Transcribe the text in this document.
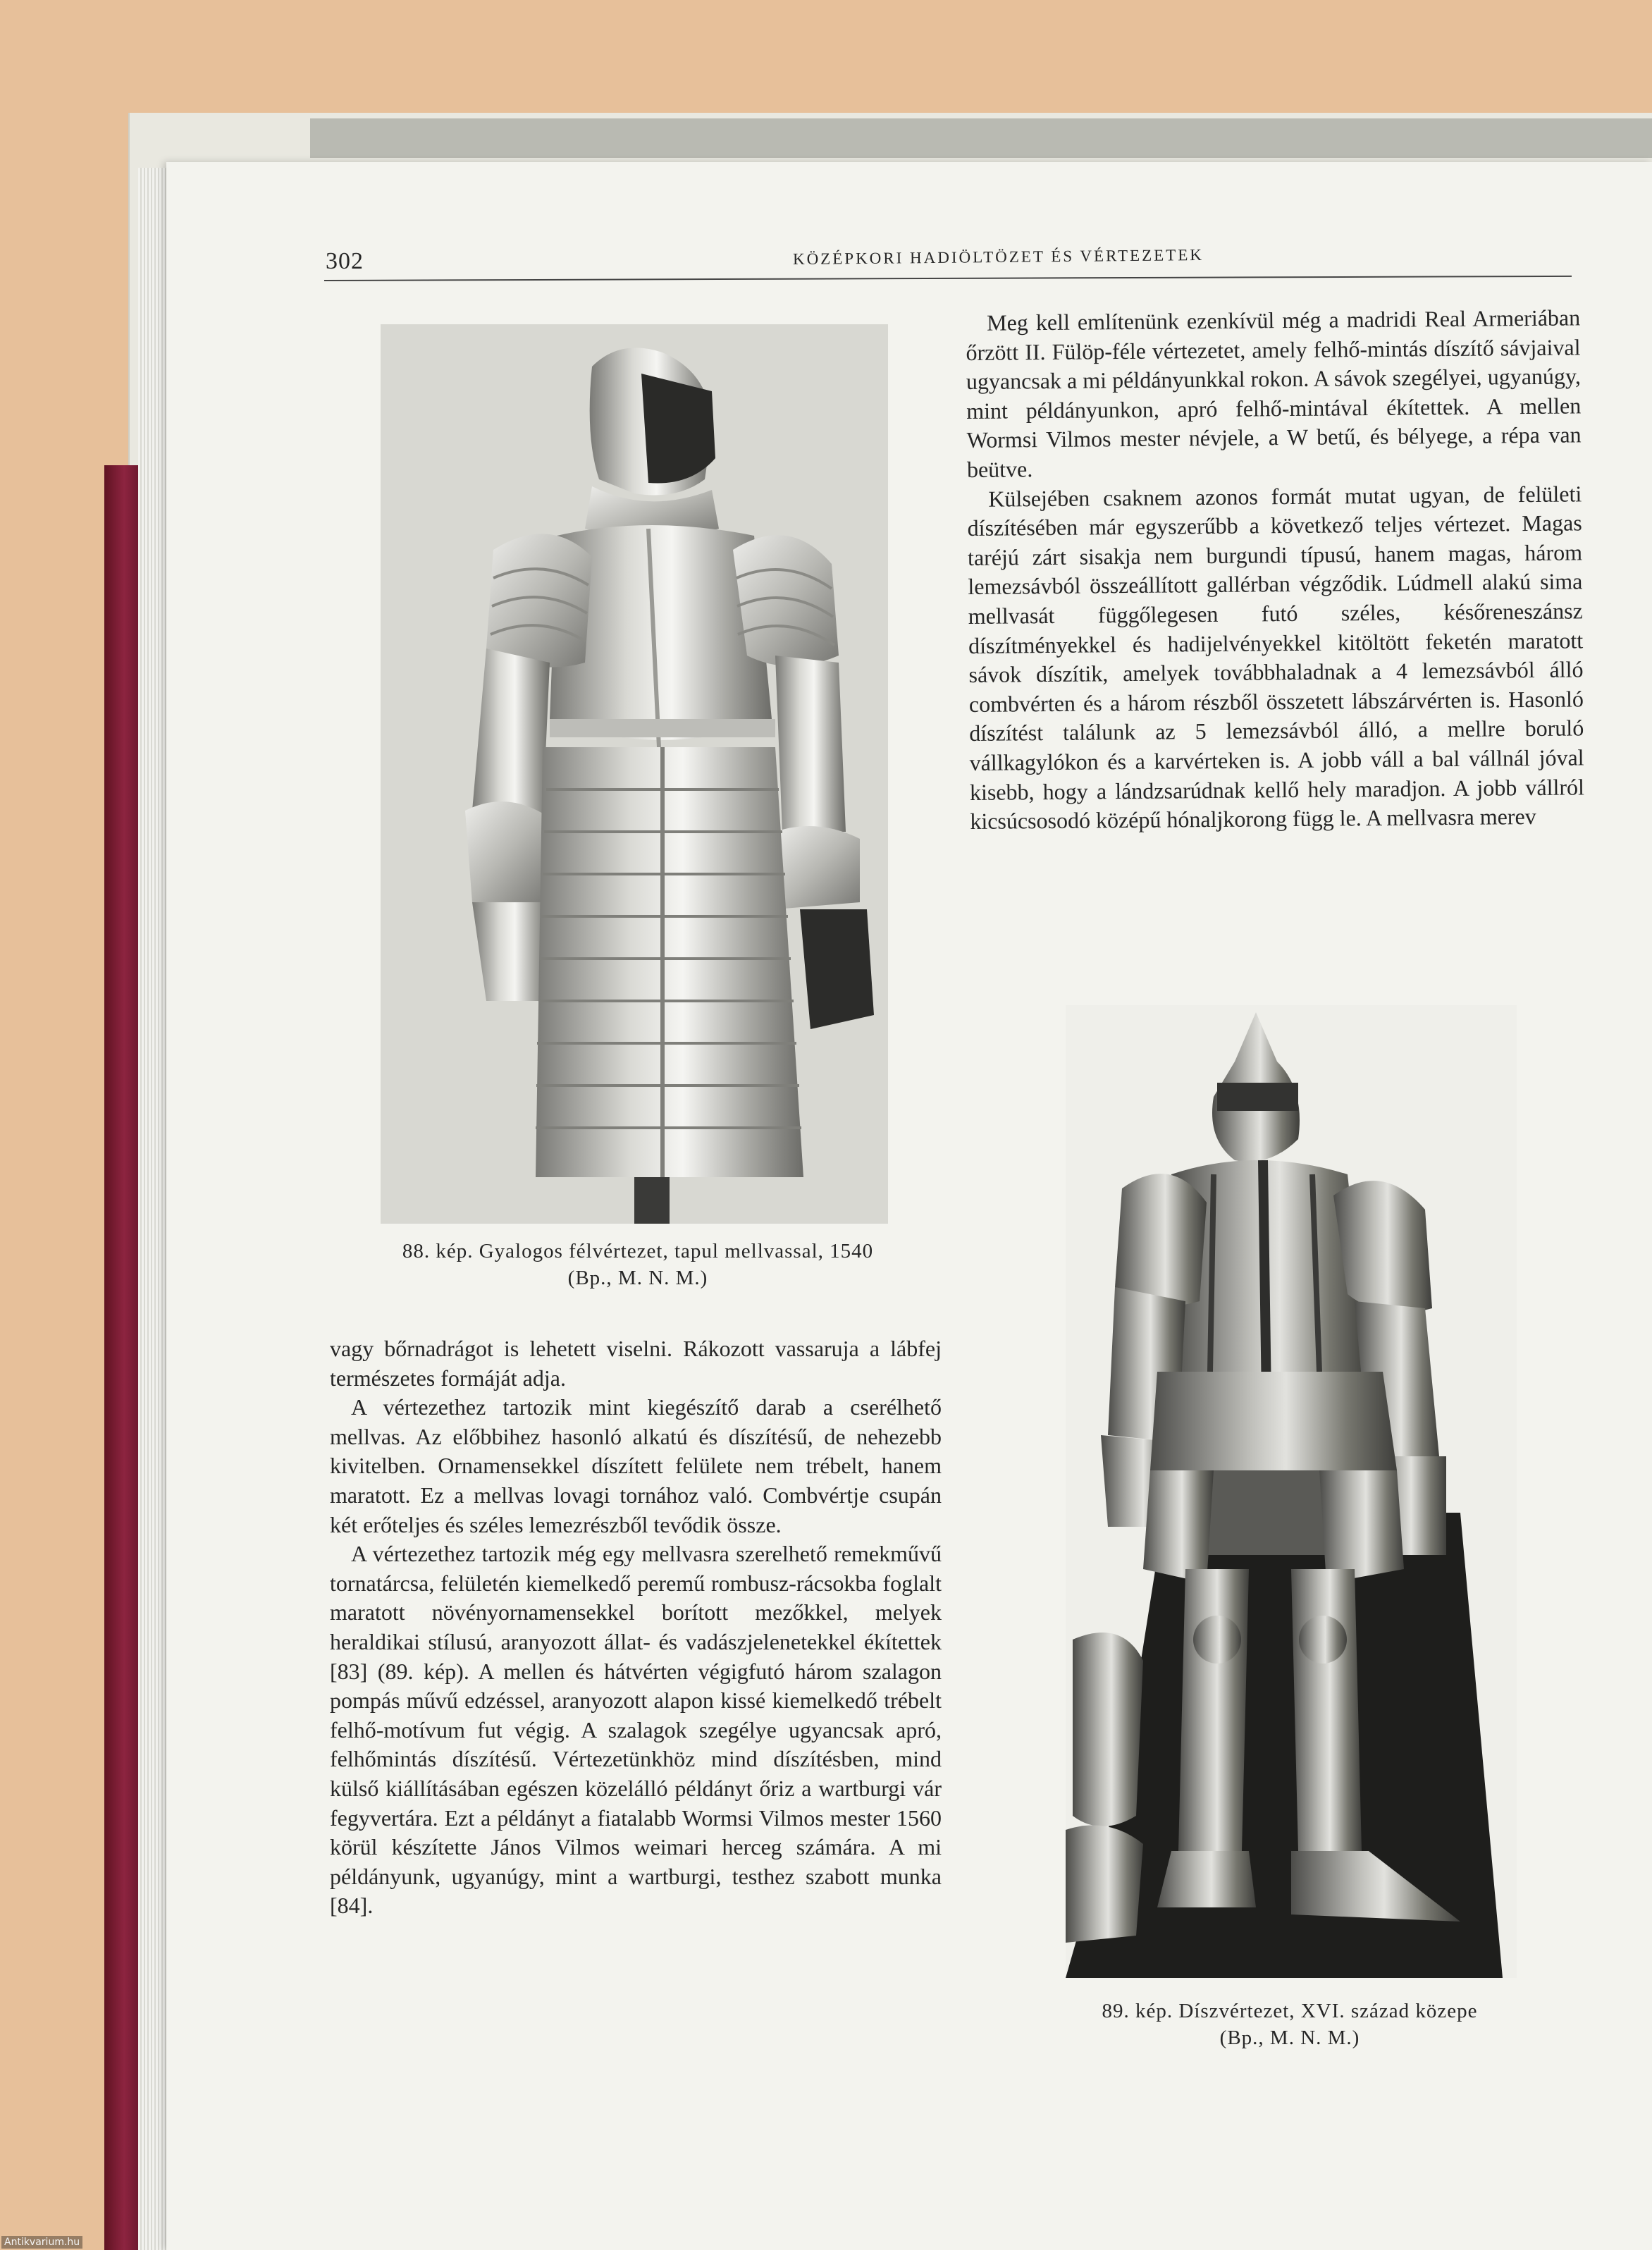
302	KÖZÉPKORI HADIÖLTÖZET ÉS VÉRTEZETEK
88. kép. Gyalogos félvértezet, tapul mellvassal, 1540
(Bp., M. N. M.)
89. kép. Díszvértezet, XVI. század közepe
(Bp., M. N. M.)

Meg kell említenünk ezenkívül még a madridi Real Armeriában őrzött II. Fülöp-féle vértezetet, amely felhő-mintás díszítő sávjaival ugyancsak a mi példányunkkal rokon. A sávok szegélyei, ugyanúgy, mint példányunkon, apró felhő-mintával ékítettek. A mellen Wormsi Vilmos mester névjele, a W betű, és bélyege, a répa van beütve.

Külsejében csaknem azonos formát mutat ugyan, de felületi díszítésében már egyszerűbb a következő teljes vértezet. Magas taréjú zárt sisakja nem burgundi típusú, hanem magas, három lemezsávból összeállított gallérban végződik. Lúdmell alakú sima mellvasát függőlegesen futó széles, későreneszánsz díszítményekkel és hadijelvényekkel kitöltött feketén maratott sávok díszítik, amelyek továbbhaladnak a 4 lemezsávból álló combvérten és a három részből összetett lábszárvérten is. Hasonló díszítést találunk az 5 lemezsávból álló, a mellre boruló vállkagylókon és a karvérteken is. A jobb váll a bal vállnál jóval kisebb, hogy a lándzsarúdnak kellő hely maradjon. A jobb vállról kicsúcsosodó középű hónaljkorong függ le. A mellvasra merev

vagy bőrnadrágot is lehetett viselni. Rákozott vassaruja a lábfej természetes formáját adja.

A vértezethez tartozik mint kiegészítő darab a cserélhető mellvas. Az előbbihez hasonló alkatú és díszítésű, de nehezebb kivitelben. Ornamensekkel díszített felülete nem trébelt, hanem maratott. Ez a mellvas lovagi tornához való. Combvértje csupán két erőteljes és széles lemezrészből tevődik össze.

A vértezethez tartozik még egy mellvasra szerelhető remekművű tornatárcsa, felületén kiemelkedő peremű rombusz-rácsokba foglalt maratott növényornamensekkel borított mezőkkel, melyek heraldikai stílusú, aranyozott állat- és vadászjelenetekkel ékítettek [83] (89. kép). A mellen és hátvérten végigfutó három szalagon pompás művű edzéssel, aranyozott alapon kissé kiemelkedő trébelt felhő-motívum fut végig. A szalagok szegélye ugyancsak apró, felhőmintás díszítésű. Vértezetünkhöz mind díszítésben, mind külső kiállításában egészen közelálló példányt őriz a wartburgi vár fegyvertára. Ezt a példányt a fiatalabb Wormsi Vilmos mester 1560 körül készítette János Vilmos weimari herceg számára. A mi példányunk, ugyanúgy, mint a wartburgi, testhez szabott munka [84].

Antikvarium.hu
